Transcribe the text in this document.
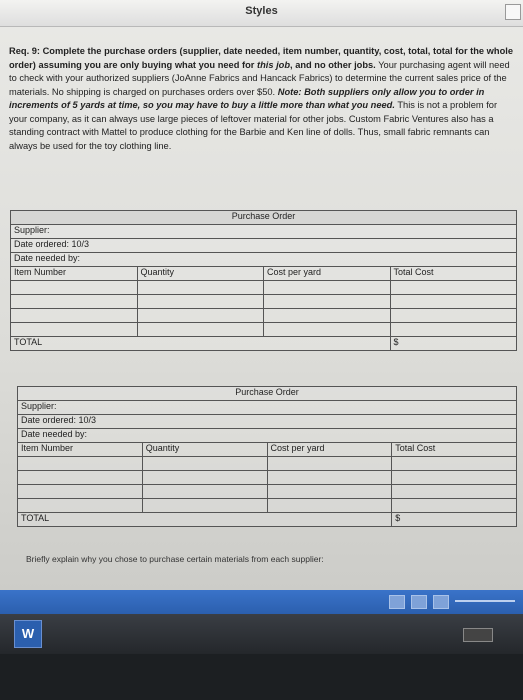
Styles
Req. 9: Complete the purchase orders (supplier, date needed, item number, quantity, cost, total, total for the whole order) assuming you are only buying what you need for this job, and no other jobs. Your purchasing agent will need to check with your authorized suppliers (JoAnne Fabrics and Hancack Fabrics) to determine the current sales price of the materials. No shipping is charged on purchases orders over $50. Note: Both suppliers only allow you to order in increments of 5 yards at time, so you may have to buy a little more than what you need. This is not a problem for your company, as it can always use large pieces of leftover material for other jobs. Custom Fabric Ventures also has a standing contract with Mattel to produce clothing for the Barbie and Ken line of dolls. Thus, small fabric remnants can always be used for the toy clothing line.
Purchase Order			
Supplier:			
Date ordered: 10/3			
Date needed by:			
Item Number	Quantity	Cost per yard	Total Cost

TOTAL			$
Purchase Order			
Supplier:			
Date ordered: 10/3			
Date needed by:			
Item Number	Quantity	Cost per yard	Total Cost

TOTAL			$
Briefly explain why you chose to purchase certain materials from each supplier:
W
